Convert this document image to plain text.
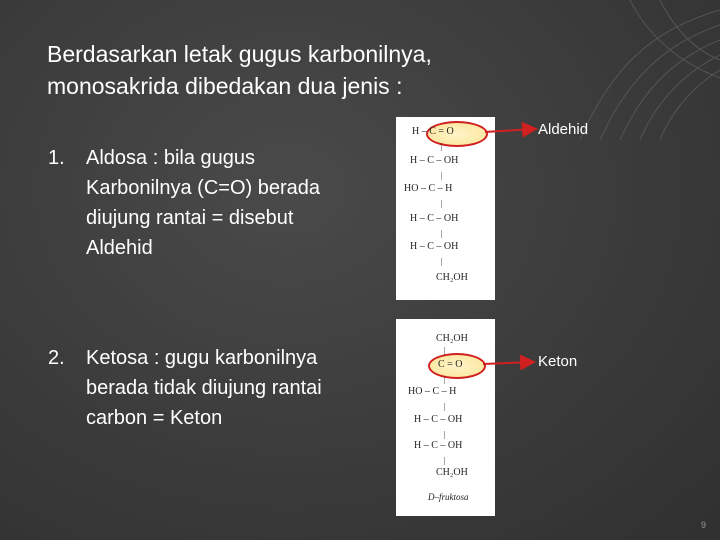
Berdasarkan letak gugus karbonilnya,
monosakrida dibedakan dua jenis :
1. Aldosa : bila gugus
Karbonilnya (C=O) berada
diujung rantai = disebut
Aldehid
2. Ketosa : gugu karbonilnya
berada tidak diujung rantai
carbon = Keton
H – C = O
|
H – C – OH
|
HO – C – H
|
H – C – OH
|
H – C – OH
|
CH₂OH
CH₂OH
|
C = O
|
HO – C – H
|
H – C – OH
|
H – C – OH
|
CH₂OH
D–fruktosa
Aldehid
Keton
9
